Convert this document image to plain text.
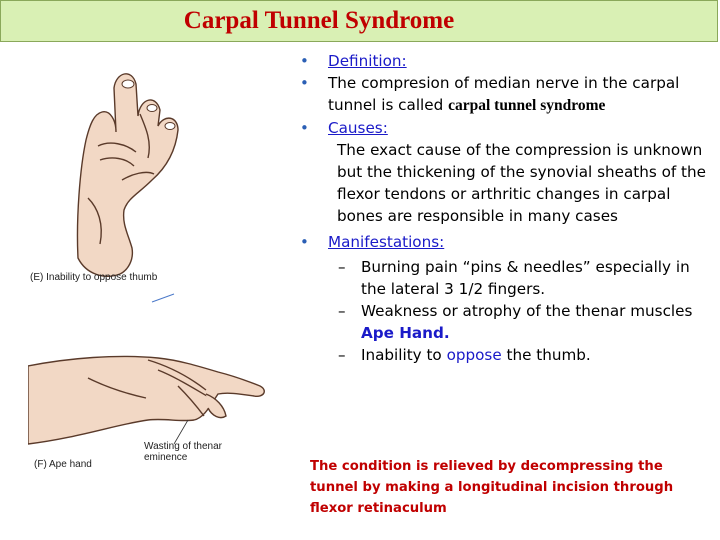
Carpal Tunnel Syndrome
(E) Inability to oppose thumb
Wasting of thenar
eminence
(F) Ape hand
• Definition:
• The compresion of median nerve in the carpal tunnel is called carpal tunnel syndrome
• Causes:
The exact cause of the compression is unknown but the thickening of the synovial sheaths of the flexor tendons or arthritic changes in carpal bones are responsible in many cases
• Manifestations:
– Burning pain “pins & needles” especially in the lateral 3 1/2 fingers.
– Weakness or atrophy of the thenar muscles Ape Hand.
– Inability to oppose the thumb.
The condition is relieved by decompressing the tunnel by making a longitudinal incision through flexor retinaculum
